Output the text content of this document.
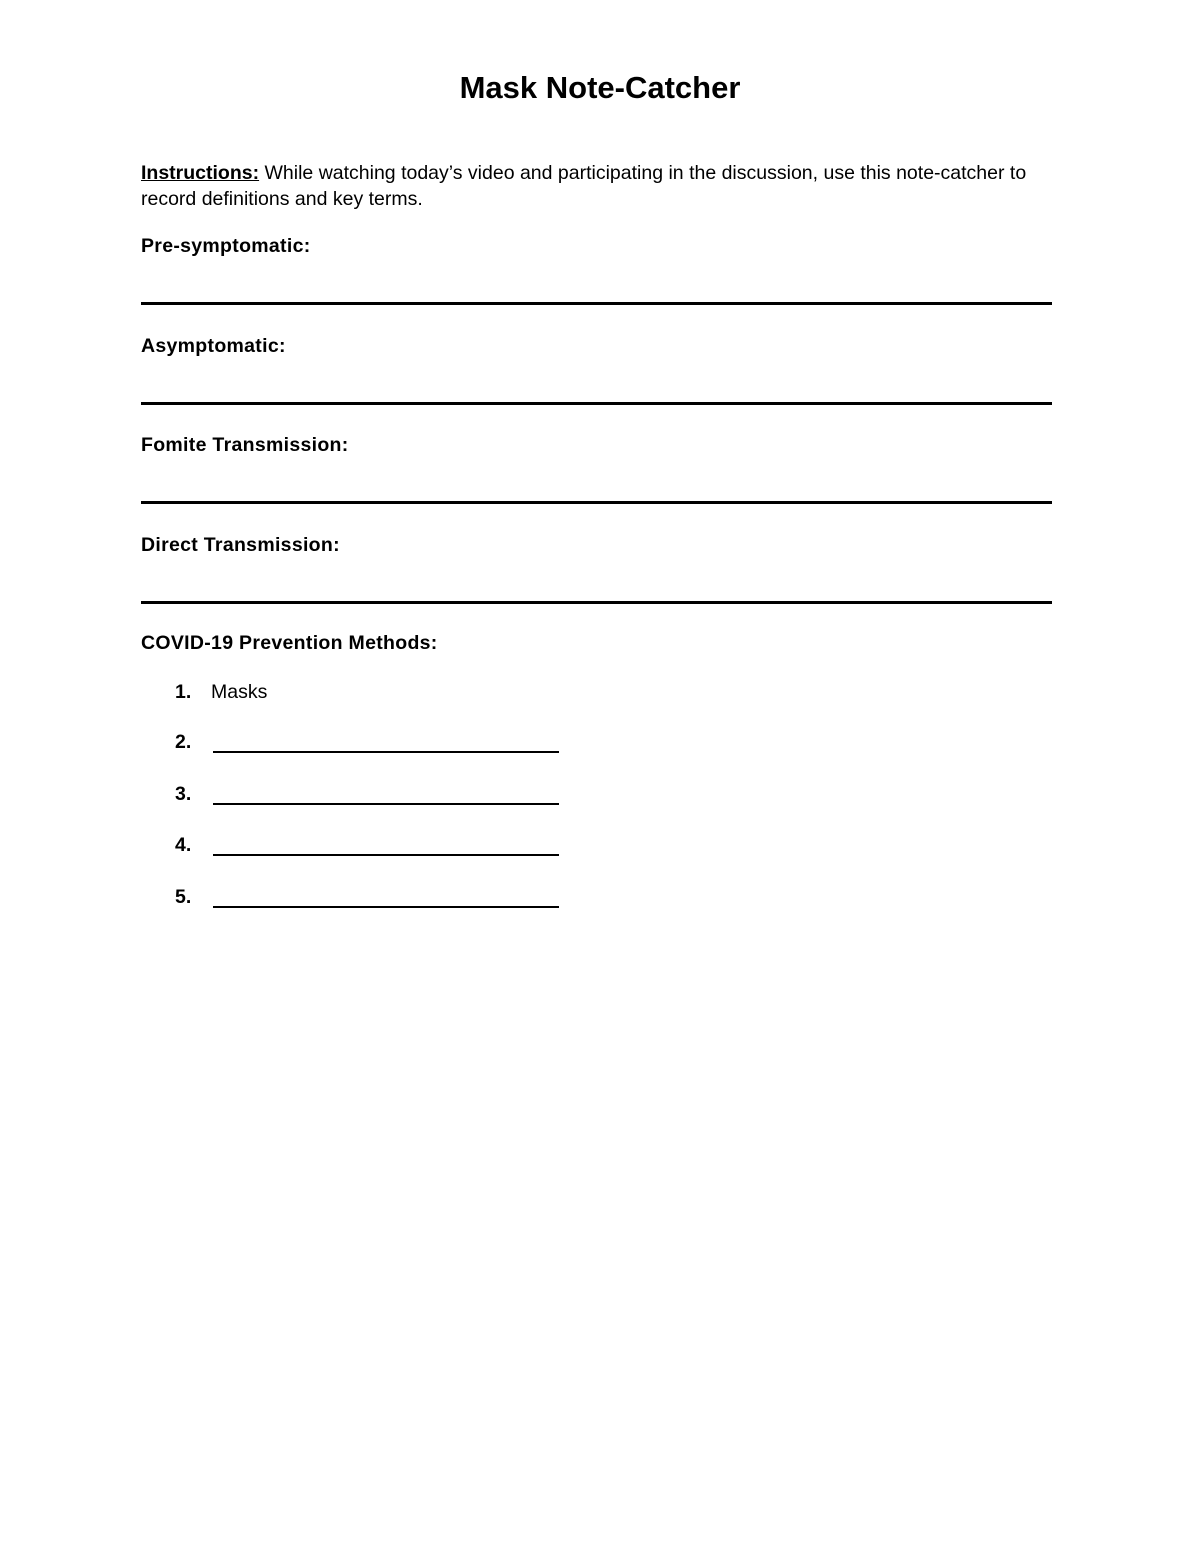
Mask Note-Catcher
Instructions: While watching today’s video and participating in the discussion, use this note-catcher to record definitions and key terms.
Pre-symptomatic:
Asymptomatic:
Fomite Transmission:
Direct Transmission:
COVID-19 Prevention Methods:
1. Masks
2.
3.
4.
5.
